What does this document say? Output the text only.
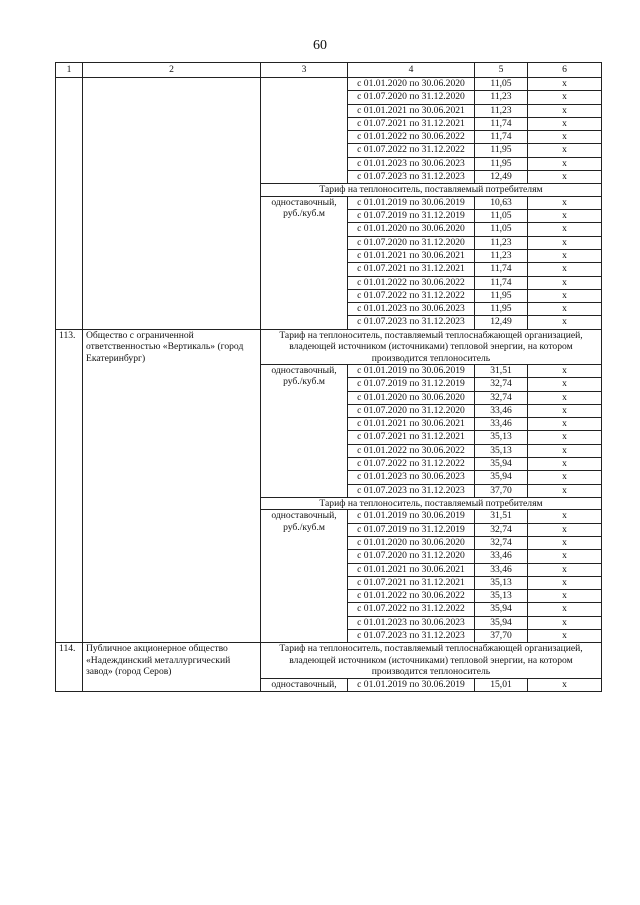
60
1	2	3	4	5	6
			с 01.01.2020 по 30.06.2020	11,05	х
			с 01.07.2020 по 31.12.2020	11,23	х
			с 01.01.2021 по 30.06.2021	11,23	х
			с 01.07.2021 по 31.12.2021	11,74	х
			с 01.01.2022 по 30.06.2022	11,74	х
			с 01.07.2022 по 31.12.2022	11,95	х
			с 01.01.2023 по 30.06.2023	11,95	х
			с 01.07.2023 по 31.12.2023	12,49	х
		Тариф на теплоноситель, поставляемый потребителям			
		одноставочный, руб./куб.м	с 01.01.2019 по 30.06.2019	10,63	х
			с 01.07.2019 по 31.12.2019	11,05	х
			с 01.01.2020 по 30.06.2020	11,05	х
			с 01.07.2020 по 31.12.2020	11,23	х
			с 01.01.2021 по 30.06.2021	11,23	х
			с 01.07.2021 по 31.12.2021	11,74	х
			с 01.01.2022 по 30.06.2022	11,74	х
			с 01.07.2022 по 31.12.2022	11,95	х
			с 01.01.2023 по 30.06.2023	11,95	х
			с 01.07.2023 по 31.12.2023	12,49	х
113.	Общество с ограниченной ответственностью «Вертикаль» (город Екатеринбург)	Тариф на теплоноситель, поставляемый теплоснабжающей организацией, владеющей источником (источниками) тепловой энергии, на котором производится теплоноситель			
		одноставочный, руб./куб.м	с 01.01.2019 по 30.06.2019	31,51	х
			с 01.07.2019 по 31.12.2019	32,74	х
			с 01.01.2020 по 30.06.2020	32,74	х
			с 01.07.2020 по 31.12.2020	33,46	х
			с 01.01.2021 по 30.06.2021	33,46	х
			с 01.07.2021 по 31.12.2021	35,13	х
			с 01.01.2022 по 30.06.2022	35,13	х
			с 01.07.2022 по 31.12.2022	35,94	х
			с 01.01.2023 по 30.06.2023	35,94	х
			с 01.07.2023 по 31.12.2023	37,70	х
		Тариф на теплоноситель, поставляемый потребителям			
		одноставочный, руб./куб.м	с 01.01.2019 по 30.06.2019	31,51	х
			с 01.07.2019 по 31.12.2019	32,74	х
			с 01.01.2020 по 30.06.2020	32,74	х
			с 01.07.2020 по 31.12.2020	33,46	х
			с 01.01.2021 по 30.06.2021	33,46	х
			с 01.07.2021 по 31.12.2021	35,13	х
			с 01.01.2022 по 30.06.2022	35,13	х
			с 01.07.2022 по 31.12.2022	35,94	х
			с 01.01.2023 по 30.06.2023	35,94	х
			с 01.07.2023 по 31.12.2023	37,70	х
114.	Публичное акционерное общество «Надеждинский металлургический завод» (город Серов)	Тариф на теплоноситель, поставляемый теплоснабжающей организацией, владеющей источником (источниками) тепловой энергии, на котором производится теплоноситель			
		одноставочный,	с 01.01.2019 по 30.06.2019	15,01	х
